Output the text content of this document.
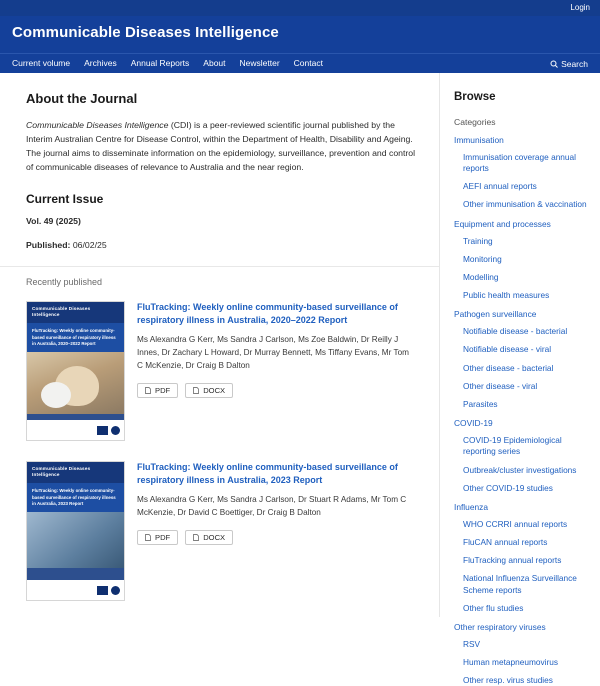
Login
Communicable Diseases Intelligence
Current volume Archives Annual Reports About Newsletter Contact	Search
About the Journal

Communicable Diseases Intelligence (CDI) is a peer-reviewed scientific journal published by the Interim Australian Centre for Disease Control, within the Department of Health, Disability and Ageing. The journal aims to disseminate information on the epidemiology, surveillance, prevention and control of communicable diseases of relevance to Australia and the near region.

Current Issue
Vol. 49 (2025)
Published: 06/02/25
Recently published
Communicable Diseases Intelligence
FluTracking: Weekly online community-based surveillance of respiratory illness in Australia, 2020–2022 Report
FluTracking: Weekly online community-based surveillance of respiratory illness in Australia, 2020–2022 Report
Ms Alexandra G Kerr, Ms Sandra J Carlson, Ms Zoe Baldwin, Dr Reilly J Innes, Dr Zachary L Howard, Dr Murray Bennett, Ms Tiffany Evans, Mr Tom C McKenzie, Dr Craig B Dalton
PDF	DOCX
Communicable Diseases Intelligence
FluTracking: Weekly online community-based surveillance of respiratory illness in Australia, 2023 Report
FluTracking: Weekly online community-based surveillance of respiratory illness in Australia, 2023 Report
Ms Alexandra G Kerr, Ms Sandra J Carlson, Dr Stuart R Adams, Mr Tom C McKenzie, Dr David C Boettiger, Dr Craig B Dalton
PDF	DOCX
Browse
Categories
Immunisation
Immunisation coverage annual reports
AEFI annual reports
Other immunisation & vaccination
Equipment and processes
Training
Monitoring
Modelling
Public health measures
Pathogen surveillance
Notifiable disease - bacterial
Notifiable disease - viral
Other disease - bacterial
Other disease - viral
Parasites
COVID-19
COVID-19 Epidemiological reporting series
Outbreak/cluster investigations
Other COVID-19 studies
Influenza
WHO CCRRI annual reports
FluCAN annual reports
FluTracking annual reports
National Influenza Surveillance Scheme reports
Other flu studies
Other respiratory viruses
RSV
Human metapneumovirus
Other resp. virus studies
